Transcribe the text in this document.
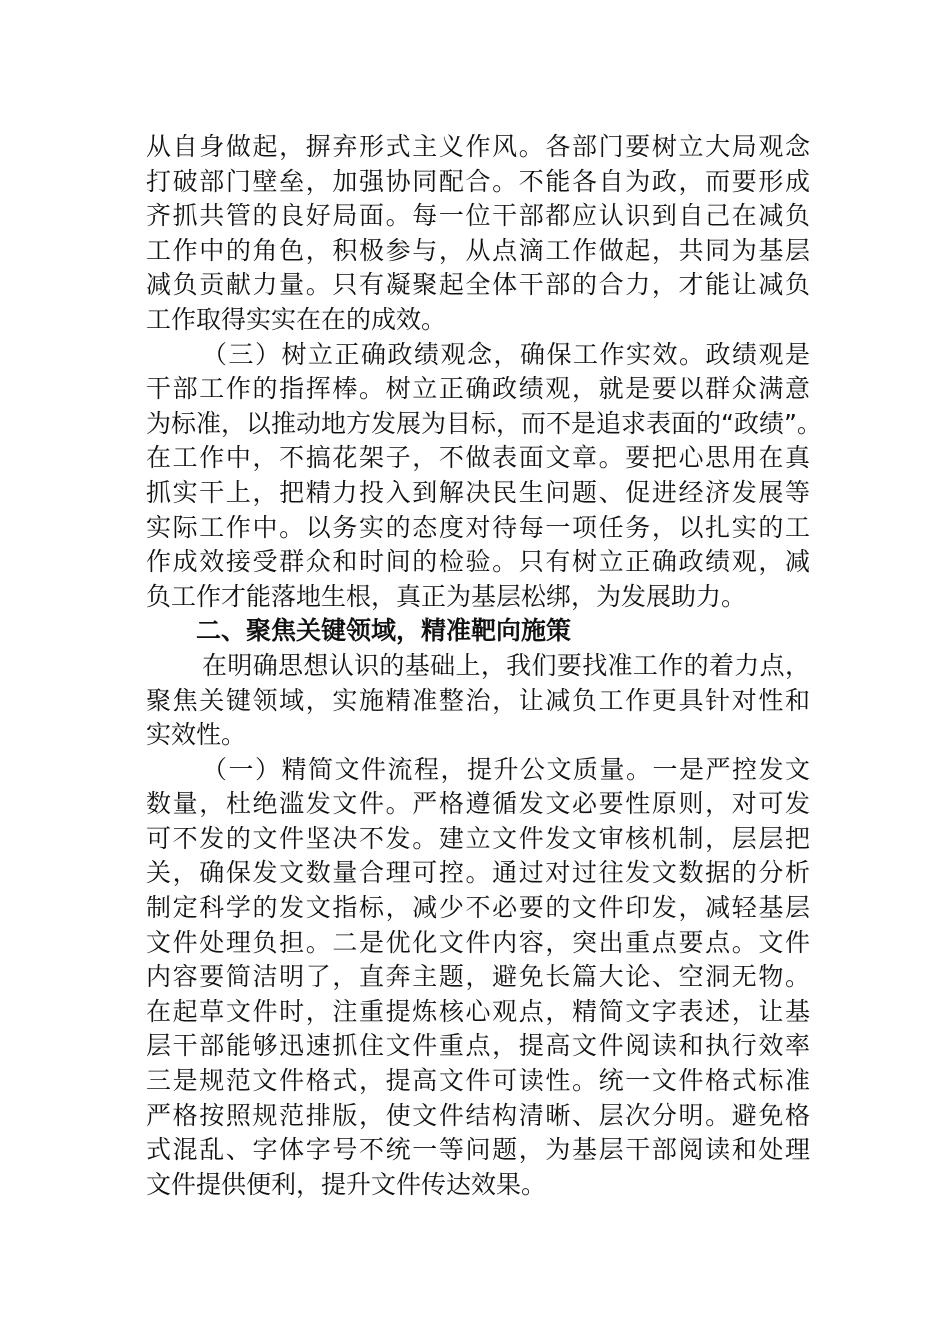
从自身做起，摒弃形式主义作风。各部门要树立大局观念
打破部门壁垒，加强协同配合。不能各自为政，而要形成
齐抓共管的良好局面。每一位干部都应认识到自己在减负
工作中的角色，积极参与，从点滴工作做起，共同为基层
减负贡献力量。只有凝聚起全体干部的合力，才能让减负
工作取得实实在在的成效。
（三）树立正确政绩观念，确保工作实效。政绩观是
干部工作的指挥棒。树立正确政绩观，就是要以群众满意
为标准，以推动地方发展为目标，而不是追求表面的“政绩”。
在工作中，不搞花架子，不做表面文章。要把心思用在真
抓实干上，把精力投入到解决民生问题、促进经济发展等
实际工作中。以务实的态度对待每一项任务，以扎实的工
作成效接受群众和时间的检验。只有树立正确政绩观，减
负工作才能落地生根，真正为基层松绑，为发展助力。
二、聚焦关键领域，精准靶向施策
在明确思想认识的基础上，我们要找准工作的着力点，
聚焦关键领域，实施精准整治，让减负工作更具针对性和
实效性。
（一）精简文件流程，提升公文质量。一是严控发文
数量，杜绝滥发文件。严格遵循发文必要性原则，对可发
可不发的文件坚决不发。建立文件发文审核机制，层层把
关，确保发文数量合理可控。通过对过往发文数据的分析
制定科学的发文指标，减少不必要的文件印发，减轻基层
文件处理负担。二是优化文件内容，突出重点要点。文件
内容要简洁明了，直奔主题，避免长篇大论、空洞无物。
在起草文件时，注重提炼核心观点，精简文字表述，让基
层干部能够迅速抓住文件重点，提高文件阅读和执行效率
三是规范文件格式，提高文件可读性。统一文件格式标准
严格按照规范排版，使文件结构清晰、层次分明。避免格
式混乱、字体字号不统一等问题，为基层干部阅读和处理
文件提供便利，提升文件传达效果。
